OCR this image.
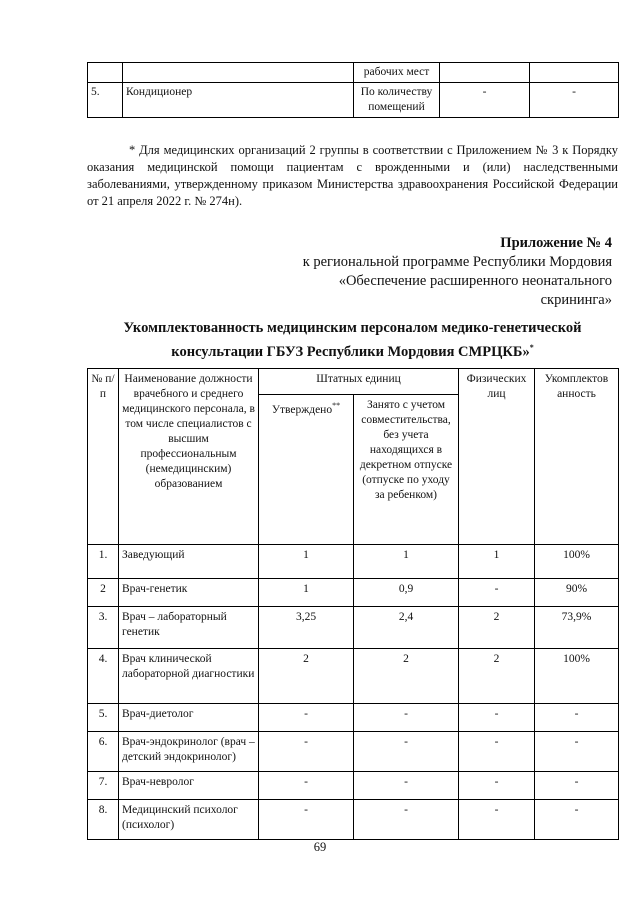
		рабочих мест		
5.	Кондиционер	По количеству помещений	-	-

* Для медицинских организаций 2 группы в соответствии с Приложением № 3 к Порядку оказания медицинской помощи пациентам с врожденными и (или) наследственными заболеваниями, утвержденному приказом Министерства здравоохранения Российской Федерации от 21 апреля 2022 г. № 274н).

Приложение № 4
к региональной программе Республики Мордовия
«Обеспечение расширенного неонатального
скрининга»

Укомплектованность медицинским персоналом медико-генетической консультации ГБУЗ Республики Мордовия СМРЦКБ»*

№ п/п	Наименование должности врачебного и среднего медицинского персонала, в том числе специалистов с высшим профессиональным (немедицинским) образованием	Штатных единиц		Физических лиц	Укомплектов анность
		Утверждено**	Занято с учетом совместительства, без учета находящихся в декретном отпуске (отпуске по уходу за ребенком)		
1.	Заведующий	1	1	1	100%
2	Врач-генетик	1	0,9	-	90%
3.	Врач – лабораторный генетик	3,25	2,4	2	73,9%
4.	Врач клинической лабораторной диагностики	2	2	2	100%
5.	Врач-диетолог	-	-	-	-
6.	Врач-эндокринолог (врач – детский эндокринолог)	-	-	-	-
7.	Врач-невролог	-	-	-	-
8.	Медицинский психолог (психолог)	-	-	-	-
69
